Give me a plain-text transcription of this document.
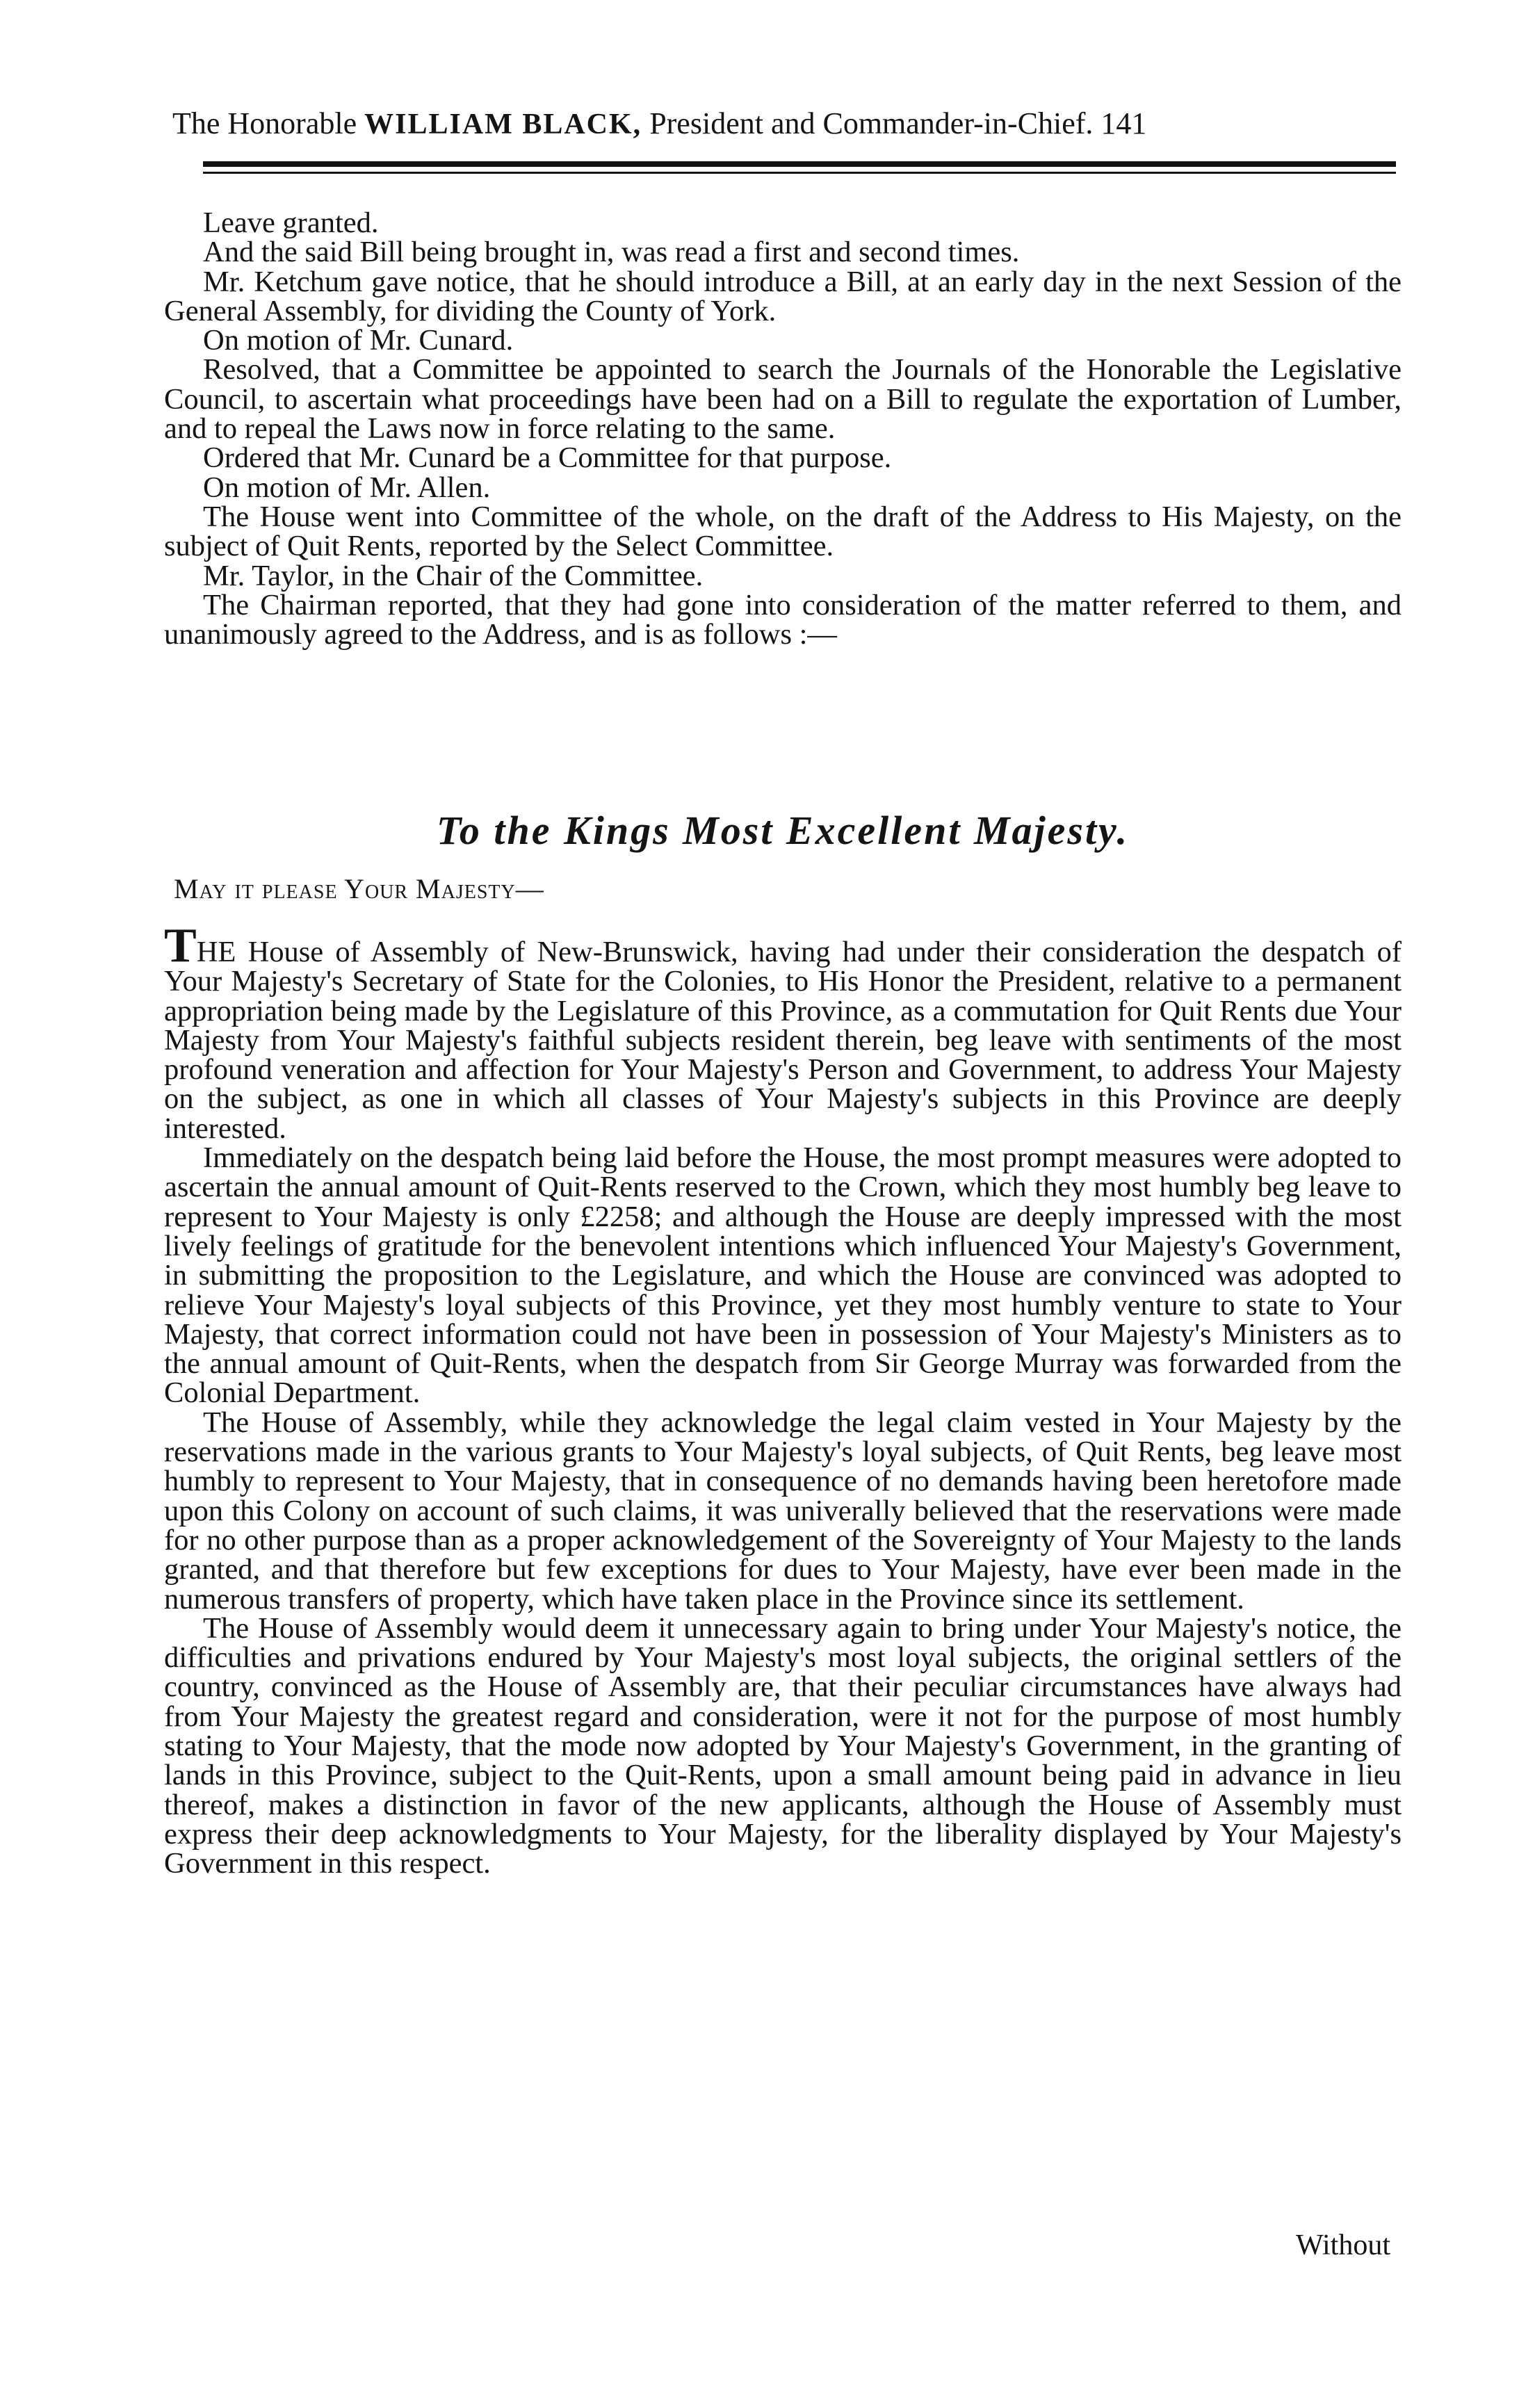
The Honorable WILLIAM BLACK, President and Commander-in-Chief. 141

Leave granted.

And the said Bill being brought in, was read a first and second times.

Mr. Ketchum gave notice, that he should introduce a Bill, at an early day in the next Session of the General Assembly, for dividing the County of York.

On motion of Mr. Cunard.

Resolved, that a Committee be appointed to search the Journals of the Honorable the Legislative Council, to ascertain what proceedings have been had on a Bill to regulate the exportation of Lumber, and to repeal the Laws now in force relating to the same.

Ordered that Mr. Cunard be a Committee for that purpose.

On motion of Mr. Allen.

The House went into Committee of the whole, on the draft of the Address to His Majesty, on the subject of Quit Rents, reported by the Select Committee.

Mr. Taylor, in the Chair of the Committee.

The Chairman reported, that they had gone into consideration of the matter referred to them, and unanimously agreed to the Address, and is as follows :—

To the Kings Most Excellent Majesty.
May it please Your Majesty—

THE House of Assembly of New-Brunswick, having had under their consideration the despatch of Your Majesty's Secretary of State for the Colonies, to His Honor the President, relative to a permanent appropriation being made by the Legislature of this Province, as a commutation for Quit Rents due Your Majesty from Your Majesty's faithful subjects resident therein, beg leave with sentiments of the most profound veneration and affection for Your Majesty's Person and Government, to address Your Majesty on the subject, as one in which all classes of Your Majesty's subjects in this Province are deeply interested.

Immediately on the despatch being laid before the House, the most prompt measures were adopted to ascertain the annual amount of Quit-Rents reserved to the Crown, which they most humbly beg leave to represent to Your Majesty is only £2258; and although the House are deeply impressed with the most lively feelings of gratitude for the benevolent intentions which influenced Your Majesty's Government, in submitting the proposition to the Legislature, and which the House are convinced was adopted to relieve Your Majesty's loyal subjects of this Province, yet they most humbly venture to state to Your Majesty, that correct information could not have been in possession of Your Majesty's Ministers as to the annual amount of Quit-Rents, when the despatch from Sir George Murray was forwarded from the Colonial Department.

The House of Assembly, while they acknowledge the legal claim vested in Your Majesty by the reservations made in the various grants to Your Majesty's loyal subjects, of Quit Rents, beg leave most humbly to represent to Your Majesty, that in consequence of no demands having been heretofore made upon this Colony on account of such claims, it was univerally believed that the reservations were made for no other purpose than as a proper acknowledgement of the Sovereignty of Your Majesty to the lands granted, and that therefore but few exceptions for dues to Your Majesty, have ever been made in the numerous transfers of property, which have taken place in the Province since its settlement.

The House of Assembly would deem it unnecessary again to bring under Your Majesty's notice, the difficulties and privations endured by Your Majesty's most loyal subjects, the original settlers of the country, convinced as the House of Assembly are, that their peculiar circumstances have always had from Your Majesty the greatest regard and consideration, were it not for the purpose of most humbly stating to Your Majesty, that the mode now adopted by Your Majesty's Government, in the granting of lands in this Province, subject to the Quit-Rents, upon a small amount being paid in advance in lieu thereof, makes a distinction in favor of the new applicants, although the House of Assembly must express their deep acknowledgments to Your Majesty, for the liberality displayed by Your Majesty's Government in this respect.

Without
